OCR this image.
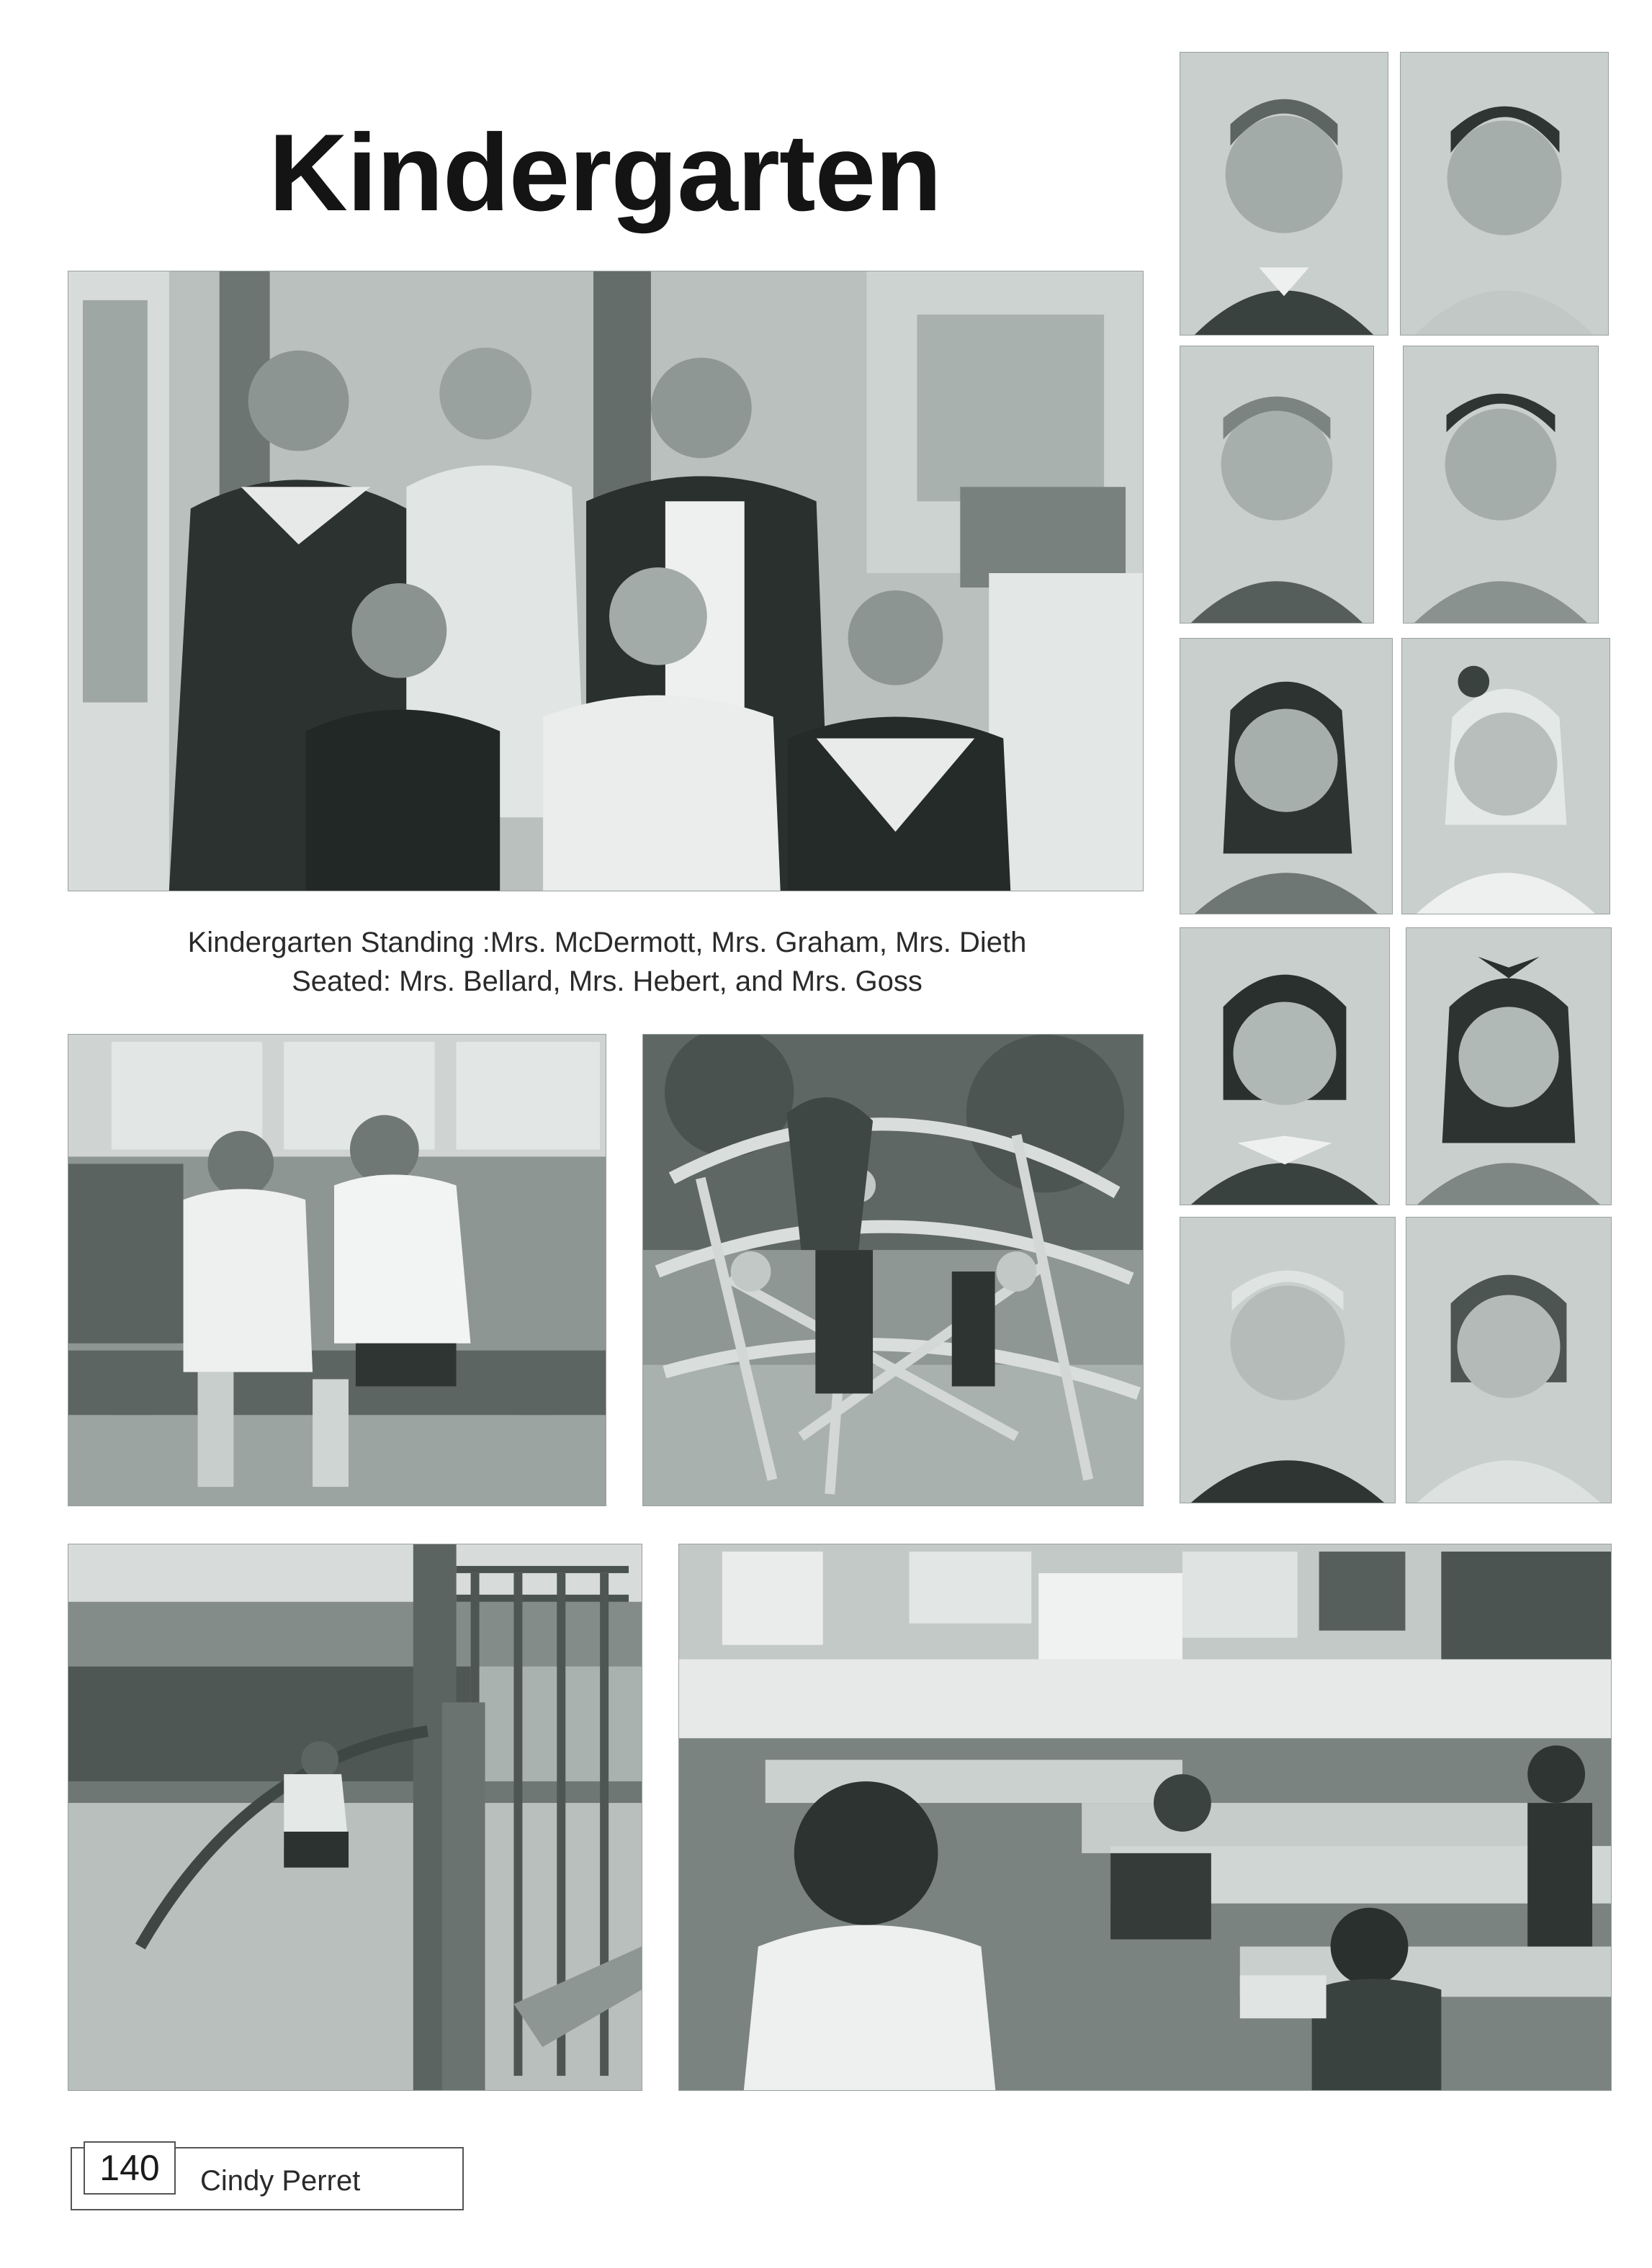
Kindergarten
Kindergarten Standing :Mrs. McDermott, Mrs. Graham, Mrs. Dieth
Seated: Mrs. Bellard, Mrs. Hebert, and Mrs. Goss
140	Cindy Perret
